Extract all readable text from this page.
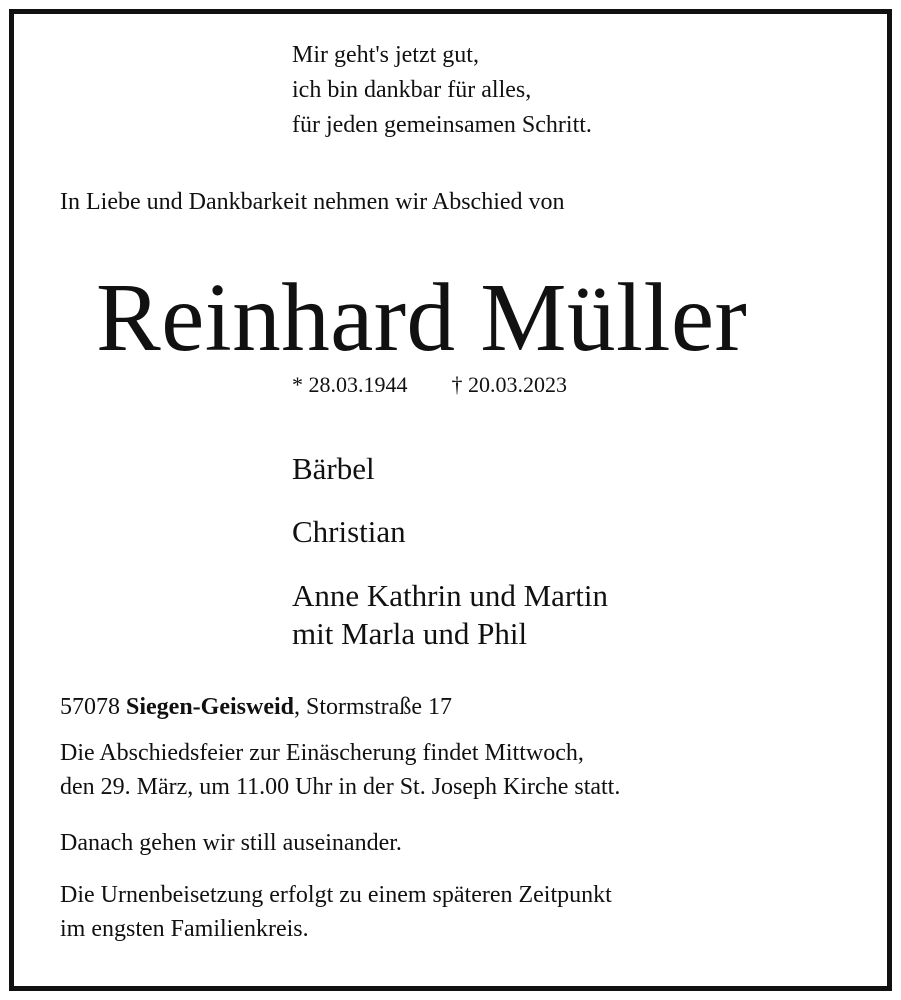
Mir geht's jetzt gut,
ich bin dankbar für alles,
für jeden gemeinsamen Schritt.

In Liebe und Dankbarkeit nehmen wir Abschied von

Reinhard Müller
* 28.03.1944 † 20.03.2023

Bärbel

Christian

Anne Kathrin und Martin
mit Marla und Phil

57078 Siegen-Geisweid, Stormstraße 17

Die Abschiedsfeier zur Einäscherung findet Mittwoch,
den 29. März, um 11.00 Uhr in der St. Joseph Kirche statt.

Danach gehen wir still auseinander.

Die Urnenbeisetzung erfolgt zu einem späteren Zeitpunkt
im engsten Familienkreis.
